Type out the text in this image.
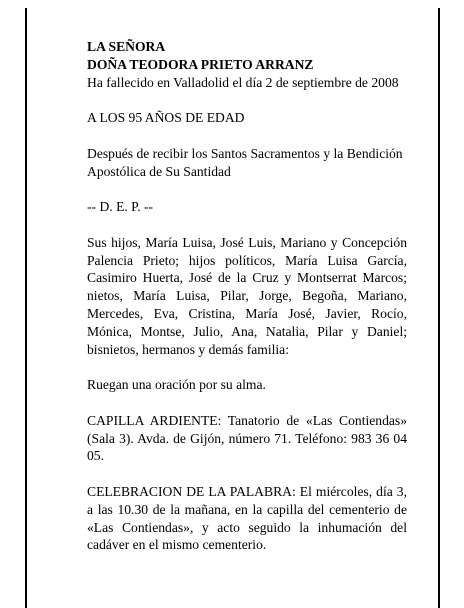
LA SEÑORA

DOÑA TEODORA PRIETO ARRANZ

Ha fallecido en Valladolid el día 2 de septiembre de 2008

A LOS 95 AÑOS DE EDAD

Después de recibir los Santos Sacramentos y la Bendición Apostólica de Su Santidad

-- D. E. P. --

Sus hijos, María Luisa, José Luis, Mariano y Concepción Palencia Prieto; hijos políticos, María Luisa García, Casimiro Huerta, José de la Cruz y Montserrat Marcos; nietos, María Luisa, Pilar, Jorge, Begoña, Mariano, Mercedes, Eva, Cristina, María José, Javier, Rocío, Mónica, Montse, Julio, Ana, Natalia, Pilar y Daniel; bisnietos, hermanos y demás familia:

Ruegan una oración por su alma.

CAPILLA ARDIENTE: Tanatorio de «Las Contiendas» (Sala 3). Avda. de Gijón, número 71. Teléfono: 983 36 04 05.

CELEBRACION DE LA PALABRA: El miércoles, día 3, a las 10.30 de la mañana, en la capilla del cementerio de «Las Contiendas», y acto seguido la inhumación del cadáver en el mismo cementerio.
